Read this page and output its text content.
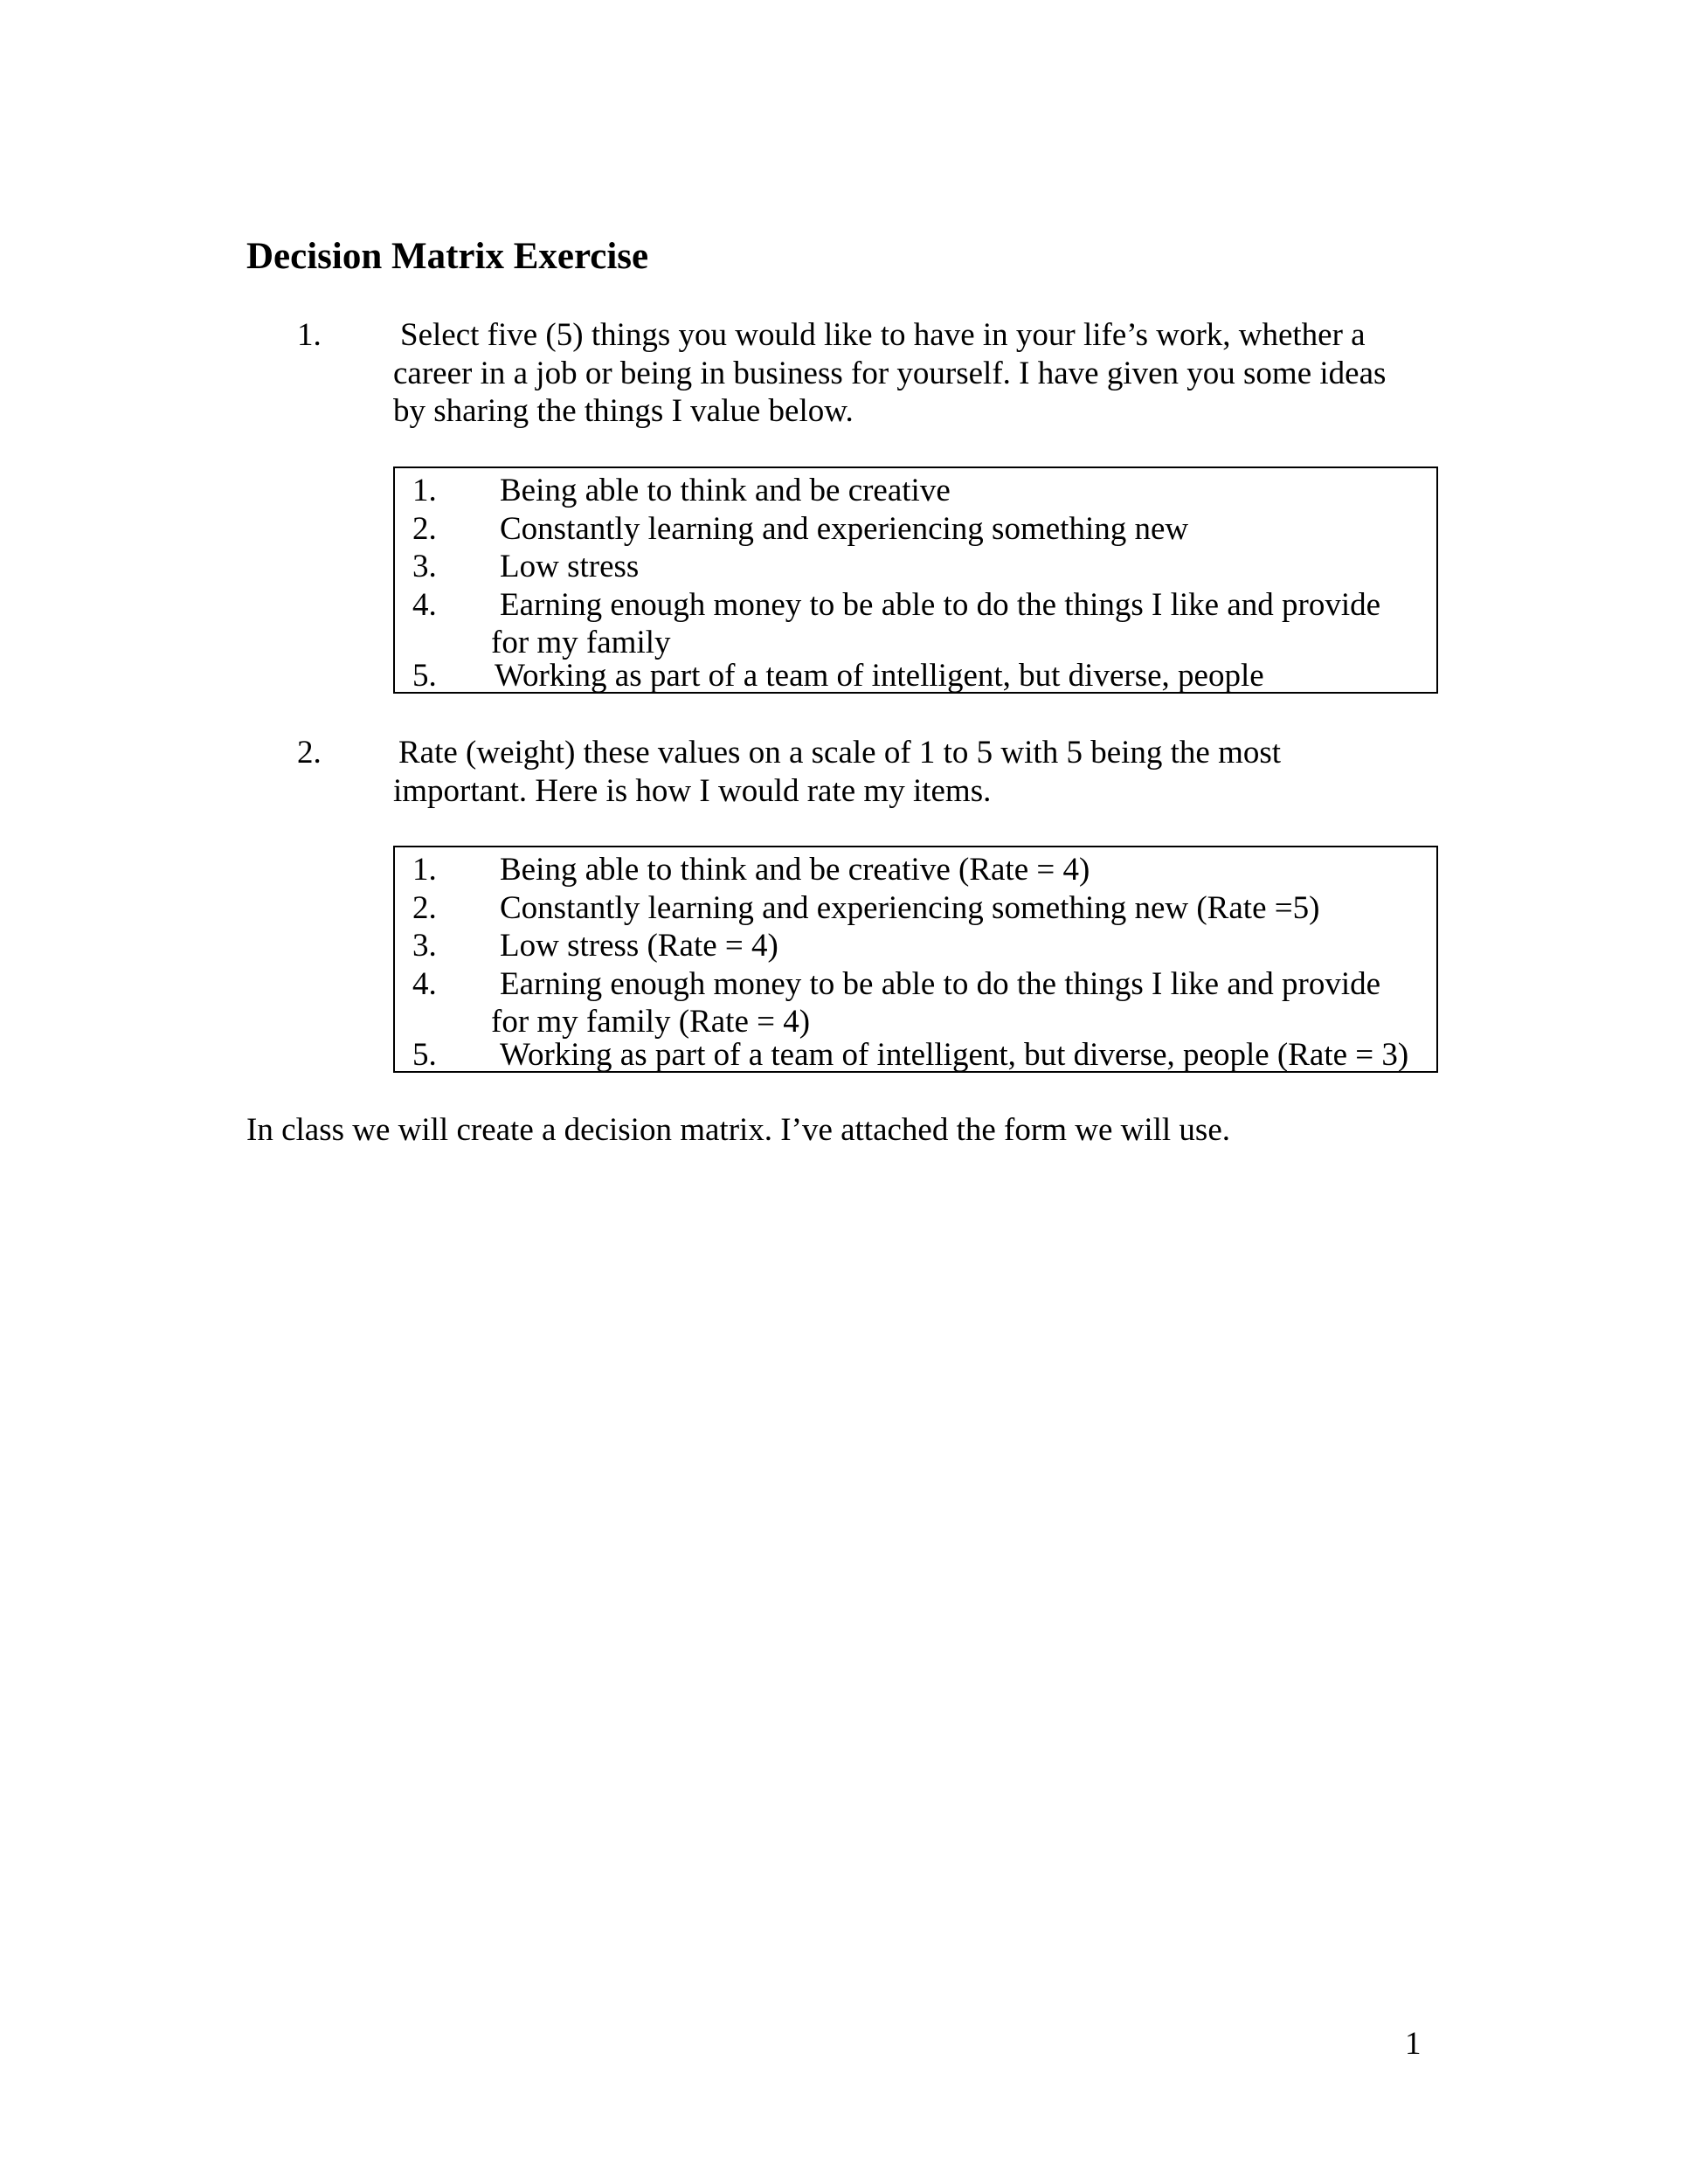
Decision Matrix Exercise
1. Select five (5) things you would like to have in your life’s work, whether a
career in a job or being in business for yourself. I have given you some ideas
by sharing the things I value below.
1. Being able to think and be creative
2. Constantly learning and experiencing something new
3. Low stress
4. Earning enough money to be able to do the things I like and provide
for my family
5. Working as part of a team of intelligent, but diverse, people
2. Rate (weight) these values on a scale of 1 to 5 with 5 being the most
important. Here is how I would rate my items.
1. Being able to think and be creative (Rate = 4)
2. Constantly learning and experiencing something new (Rate =5)
3. Low stress (Rate = 4)
4. Earning enough money to be able to do the things I like and provide
for my family (Rate = 4)
5. Working as part of a team of intelligent, but diverse, people (Rate = 3)
In class we will create a decision matrix. I’ve attached the form we will use.
1
